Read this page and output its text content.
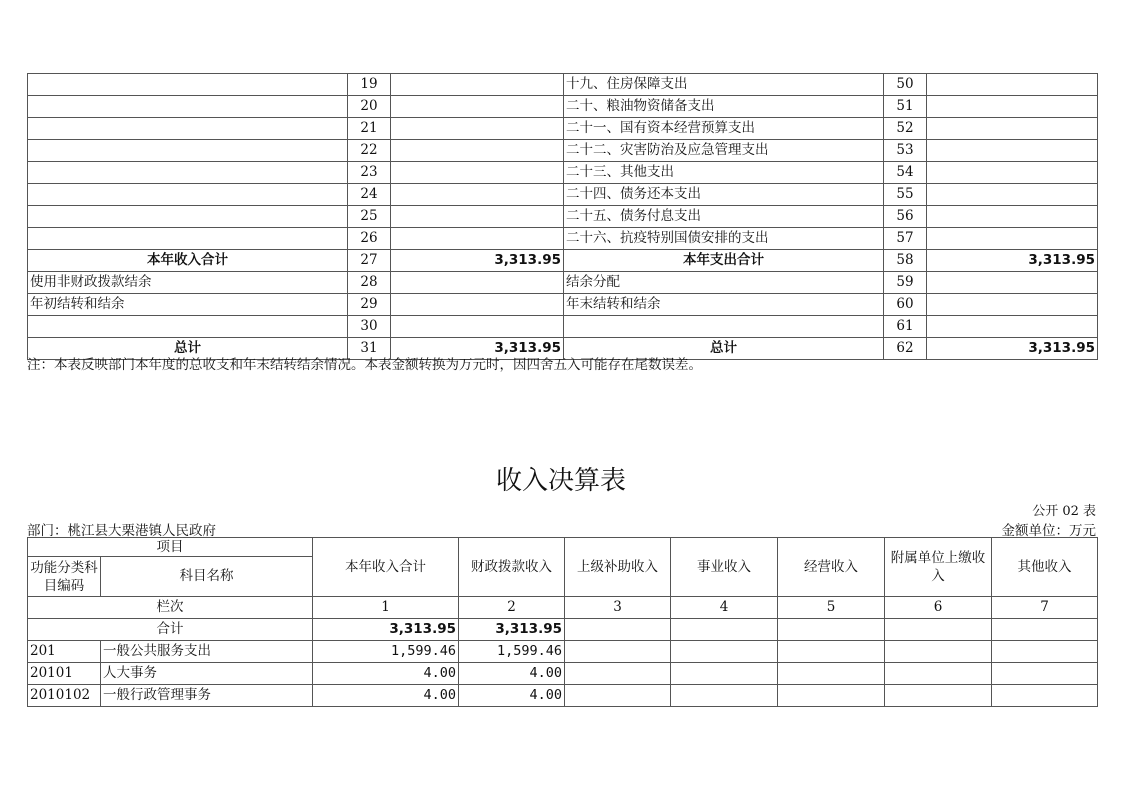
	19		十九、住房保障支出	50	
	20		二十、粮油物资储备支出	51	
	21		二十一、国有资本经营预算支出	52	
	22		二十二、灾害防治及应急管理支出	53	
	23		二十三、其他支出	54	
	24		二十四、债务还本支出	55	
	25		二十五、债务付息支出	56	
	26		二十六、抗疫特别国债安排的支出	57	
本年收入合计	27	3,313.95	本年支出合计	58	3,313.95
使用非财政拨款结余	28		结余分配	59	
年初结转和结余	29		年末结转和结余	60	
	30			61	
总计	31	3,313.95	总计	62	3,313.95
注：本表反映部门本年度的总收支和年末结转结余情况。本表金额转换为万元时，因四舍五入可能存在尾数误差。
收入决算表
公开 02 表
部门：桃江县大栗港镇人民政府	金额单位：万元
项目		本年收入合计	财政拨款收入	上级补助收入	事业收入	经营收入	附属单位上缴收入	其他收入
功能分类科目编码	科目名称							
栏次		1	2	3	4	5	6	7
合计		3,313.95	3,313.95					
201	一般公共服务支出	1,599.46	1,599.46					
20101	人大事务	4.00	4.00					
2010102	一般行政管理事务	4.00	4.00					
